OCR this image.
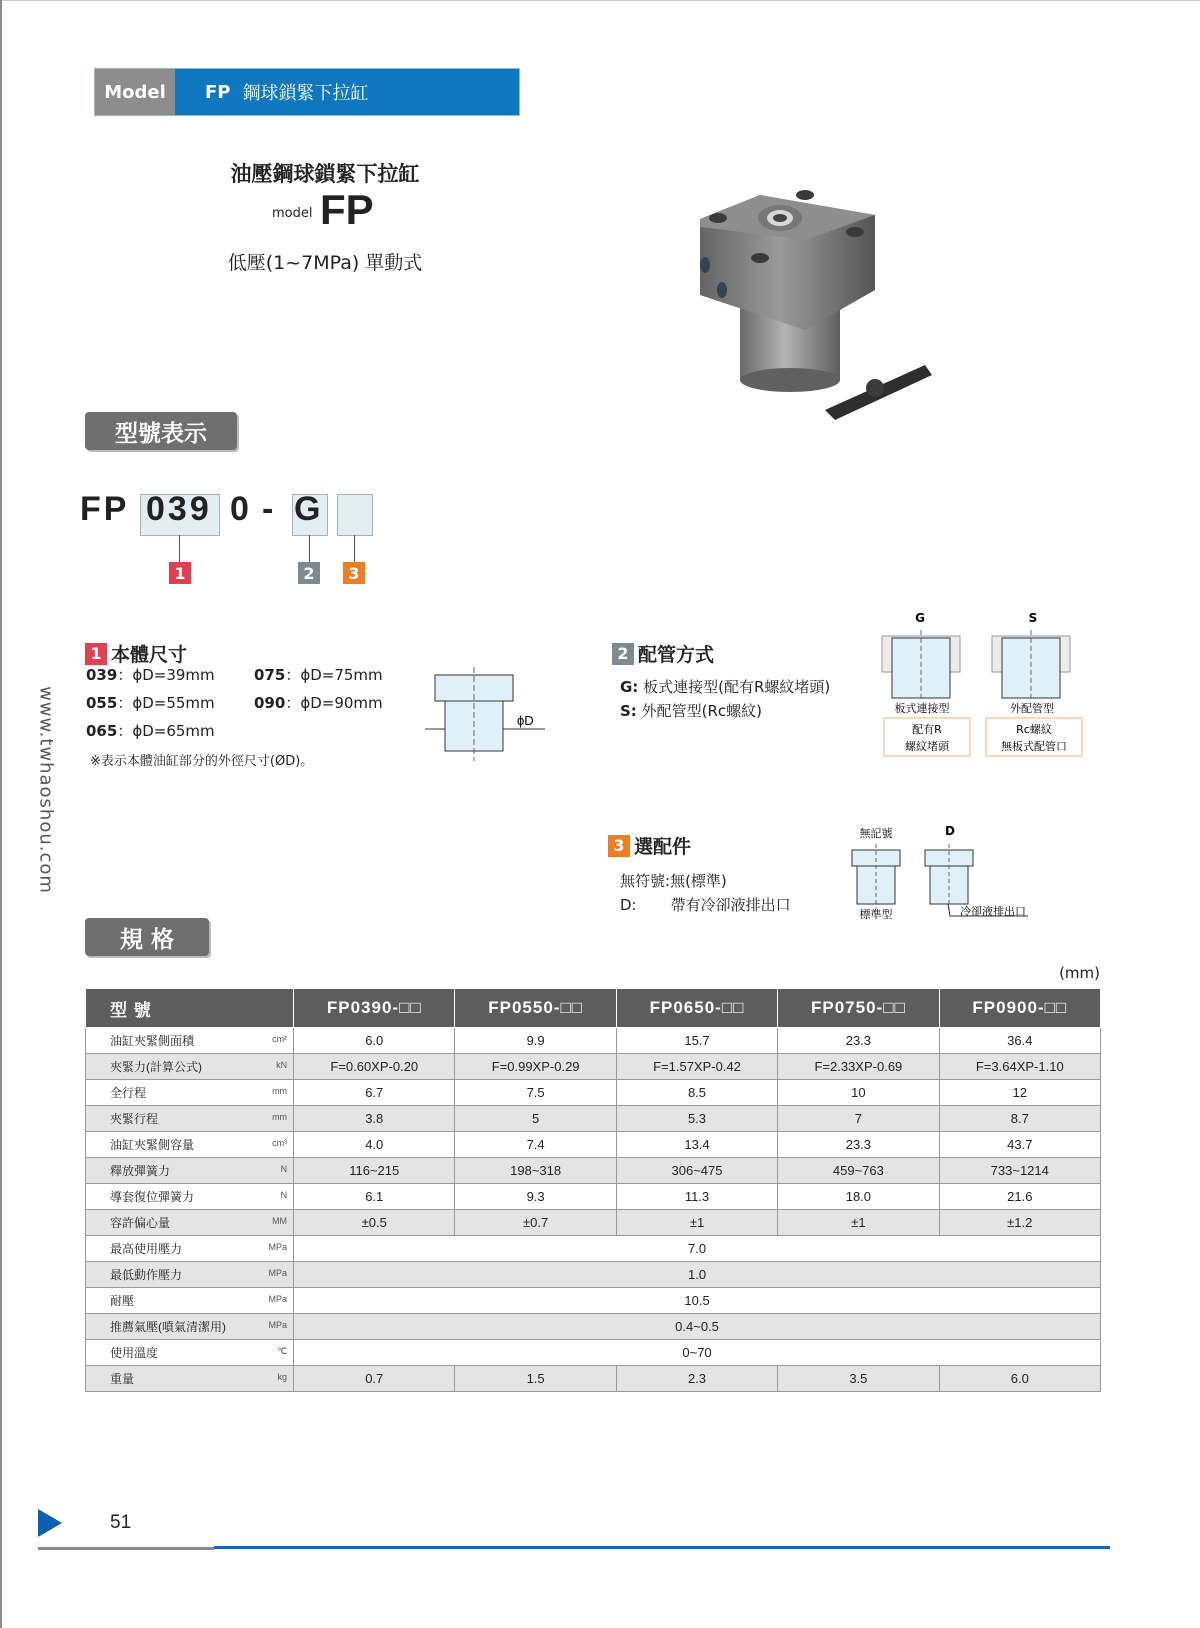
Model	FP 鋼球鎖緊下拉缸
油壓鋼球鎖緊下拉缸
model FP
低壓(1~7MPa) 單動式
型號表示
www.twhaoshou.com
FP 039 0 - G
1	2	3
1 本體尺寸
039：ϕD=39mm	075：ϕD=75mm
055：ϕD=55mm	090：ϕD=90mm
065：ϕD=65mm
※表示本體油缸部分的外徑尺寸(ØD)。
ϕD
2 配管方式
G: 板式連接型(配有R螺紋堵頭)
S: 外配管型(Rc螺紋)
G	S
板式連接型	外配管型
配有R
螺紋堵頭
Rc螺紋
無板式配管口
3 選配件
無符號:無(標準)
D: 帶有冷卻液排出口
無記號	D
標準型	冷卻液排出口
規 格
(mm)
型 號	FP0390-□□	FP0550-□□	FP0650-□□	FP0750-□□	FP0900-□□
油缸夾緊側面積 cm²	6.0	9.9	15.7	23.3	36.4
夾緊力(計算公式) kN	F=0.60XP-0.20	F=0.99XP-0.29	F=1.57XP-0.42	F=2.33XP-0.69	F=3.64XP-1.10
全行程 mm	6.7	7.5	8.5	10	12
夾緊行程 mm	3.8	5	5.3	7	8.7
油缸夾緊側容量 cm³	4.0	7.4	13.4	23.3	43.7
釋放彈簧力 N	116~215	198~318	306~475	459~763	733~1214
導套復位彈簧力 N	6.1	9.3	11.3	18.0	21.6
容許偏心量 MM	±0.5	±0.7	±1	±1	±1.2
最高使用壓力 MPa	7.0				
最低動作壓力 MPa	1.0				
耐壓 MPa	10.5				
推薦氣壓(噴氣清潔用) MPa	0.4~0.5				
使用溫度 ℃	0~70				
重量 kg	0.7	1.5	2.3	3.5	6.0
51
